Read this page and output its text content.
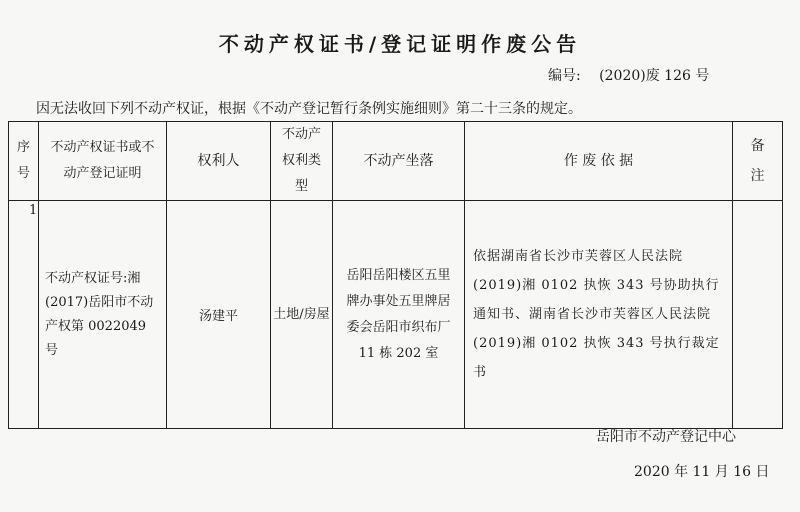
不动产权证书/登记证明作废公告
编号: (2020)废 126 号
因无法收回下列不动产权证，根据《不动产登记暂行条例实施细则》第二十三条的规定。
序号	不动产权证书或不动产登记证明	权利人	不动产权利类型	不动产坐落	作 废 依 据	备注

1	不动产权证号:湘(2017)岳阳市不动产权第 0022049 号	汤建平	土地/房屋	岳阳岳阳楼区五里牌办事处五里牌居委会岳阳市织布厂 11 栋 202 室	依据湖南省长沙市芙蓉区人民法院(2019)湘 0102 执恢 343 号协助执行通知书、湖南省长沙市芙蓉区人民法院(2019)湘 0102 执恢 343 号执行裁定书	
岳阳市不动产登记中心
2020 年 11 月 16 日
